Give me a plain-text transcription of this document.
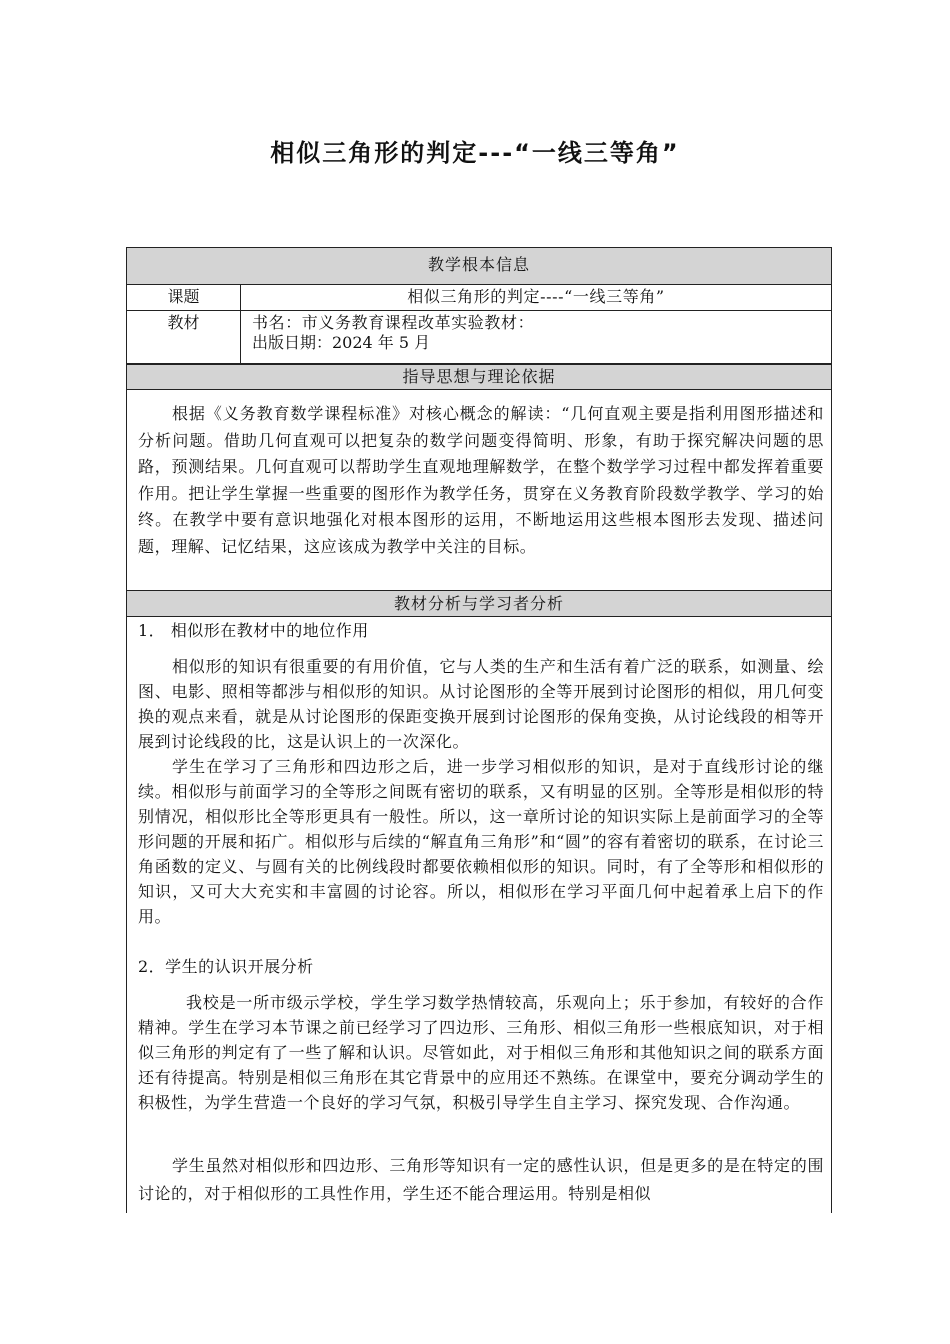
相似三角形的判定---“一线三等角”
教学根本信息
课题	相似三角形的判定----“一线三等角”
教材	书名：市义务教育课程改革实验教材：
出版日期：2024 年 5 月
指导思想与理论依据
根据《义务教育数学课程标准》对核心概念的解读：“几何直观主要是指利用图形描述和分析问题。借助几何直观可以把复杂的数学问题变得简明、形象，有助于探究解决问题的思路，预测结果。几何直观可以帮助学生直观地理解数学，在整个数学学习过程中都发挥着重要作用。把让学生掌握一些重要的图形作为教学任务，贯穿在义务教育阶段数学教学、学习的始终。在教学中要有意识地强化对根本图形的运用，不断地运用这些根本图形去发现、描述问题，理解、记忆结果，这应该成为教学中关注的目标。
教材分析与学习者分析
1． 相似形在教材中的地位作用
相似形的知识有很重要的有用价值，它与人类的生产和生活有着广泛的联系，如测量、绘图、电影、照相等都涉与相似形的知识。从讨论图形的全等开展到讨论图形的相似，用几何变换的观点来看，就是从讨论图形的保距变换开展到讨论图形的保角变换，从讨论线段的相等开展到讨论线段的比，这是认识上的一次深化。
学生在学习了三角形和四边形之后，进一步学习相似形的知识，是对于直线形讨论的继续。相似形与前面学习的全等形之间既有密切的联系，又有明显的区别。全等形是相似形的特别情况，相似形比全等形更具有一般性。所以，这一章所讨论的知识实际上是前面学习的全等形问题的开展和拓广。相似形与后续的“解直角三角形”和“圆”的容有着密切的联系，在讨论三角函数的定义、与圆有关的比例线段时都要依赖相似形的知识。同时，有了全等形和相似形的知识，又可大大充实和丰富圆的讨论容。所以，相似形在学习平面几何中起着承上启下的作用。
2．学生的认识开展分析
我校是一所市级示学校，学生学习数学热情较高，乐观向上；乐于参加，有较好的合作精神。学生在学习本节课之前已经学习了四边形、三角形、相似三角形一些根底知识，对于相似三角形的判定有了一些了解和认识。尽管如此，对于相似三角形和其他知识之间的联系方面还有待提高。特别是相似三角形在其它背景中的应用还不熟练。在课堂中，要充分调动学生的积极性，为学生营造一个良好的学习气氛，积极引导学生自主学习、探究发现、合作沟通。
学生虽然对相似形和四边形、三角形等知识有一定的感性认识，但是更多的是在特定的围讨论的，对于相似形的工具性作用，学生还不能合理运用。特别是相似
